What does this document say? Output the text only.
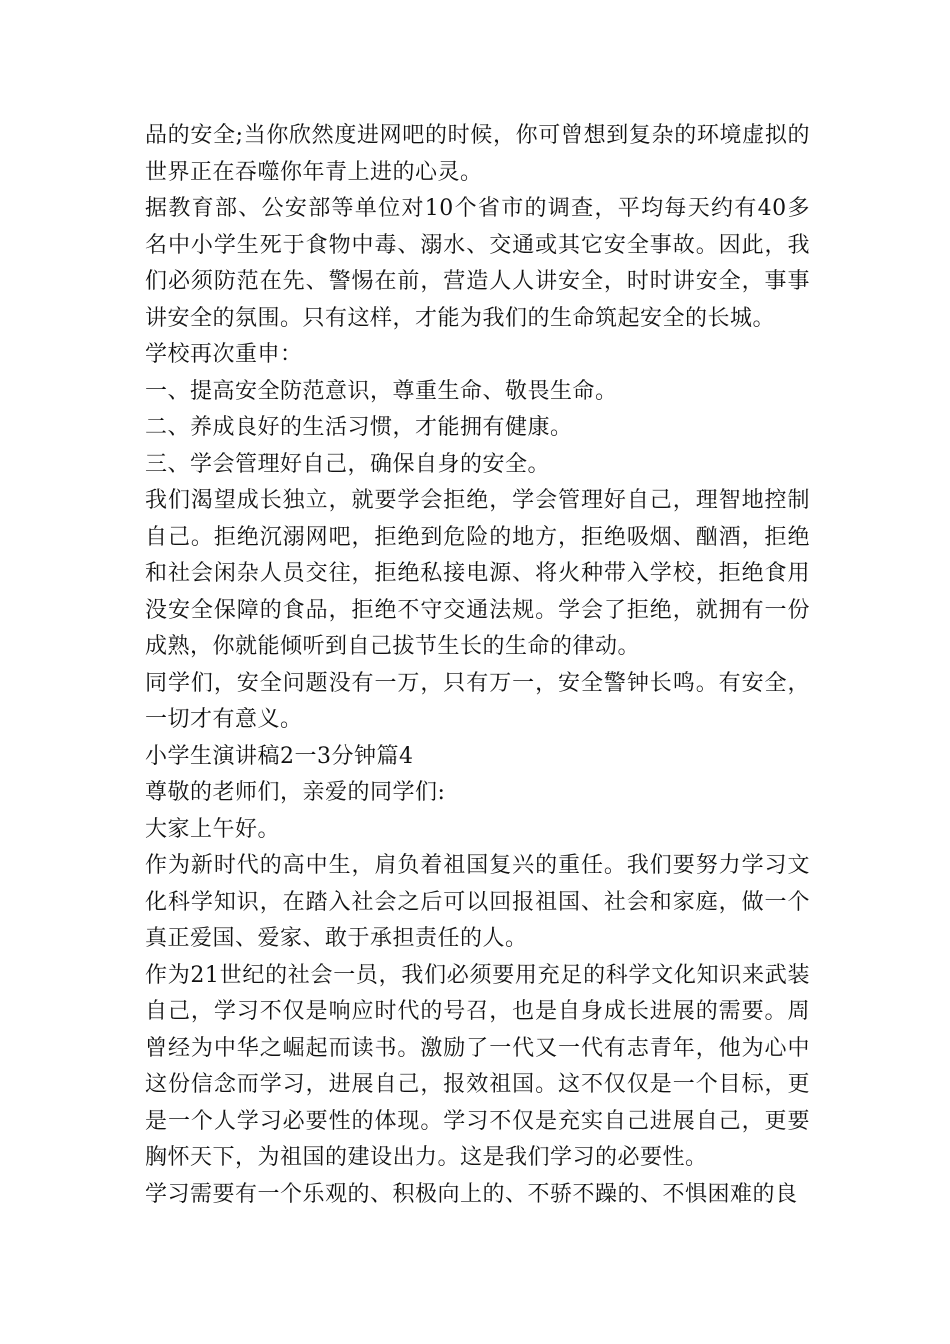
品的安全;当你欣然度进网吧的时候，你可曾想到复杂的环境虚拟的世界正在吞噬你年青上进的心灵。

据教育部、公安部等单位对10个省市的调查，平均每天约有40多名中小学生死于食物中毒、溺水、交通或其它安全事故。因此，我们必须防范在先、警惕在前，营造人人讲安全，时时讲安全，事事讲安全的氛围。只有这样，才能为我们的生命筑起安全的长城。

学校再次重申：

一、提高安全防范意识，尊重生命、敬畏生命。

二、养成良好的生活习惯，才能拥有健康。

三、学会管理好自己，确保自身的安全。

我们渴望成长独立，就要学会拒绝，学会管理好自己，理智地控制自己。拒绝沉溺网吧，拒绝到危险的地方，拒绝吸烟、酗酒，拒绝和社会闲杂人员交往，拒绝私接电源、将火种带入学校，拒绝食用没安全保障的食品，拒绝不守交通法规。学会了拒绝，就拥有一份成熟，你就能倾听到自己拔节生长的生命的律动。

同学们，安全问题没有一万，只有万一，安全警钟长鸣。有安全，一切才有意义。

小学生演讲稿2一3分钟篇4

尊敬的老师们，亲爱的同学们:

大家上午好。

作为新时代的高中生，肩负着祖国复兴的重任。我们要努力学习文化科学知识，在踏入社会之后可以回报祖国、社会和家庭，做一个真正爱国、爱家、敢于承担责任的人。

作为21世纪的社会一员，我们必须要用充足的科学文化知识来武装自己，学习不仅是响应时代的号召，也是自身成长进展的需要。周曾经为中华之崛起而读书。激励了一代又一代有志青年，他为心中这份信念而学习，进展自己，报效祖国。这不仅仅是一个目标，更是一个人学习必要性的体现。学习不仅是充实自己进展自己，更要胸怀天下，为祖国的建设出力。这是我们学习的必要性。

学习需要有一个乐观的、积极向上的、不骄不躁的、不惧困难的良
